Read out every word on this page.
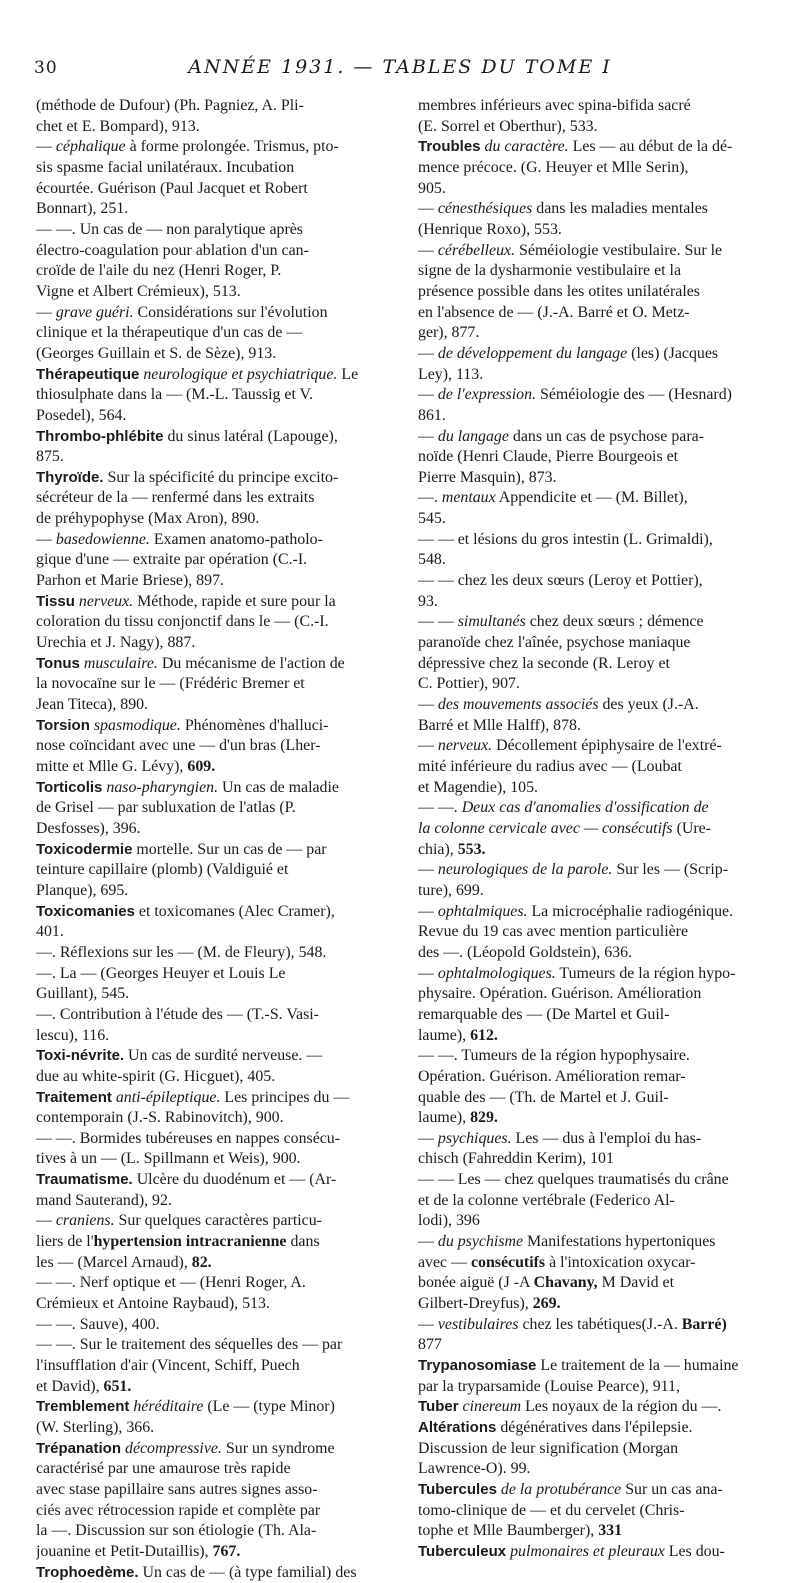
30	ANNÉE 1931. — TABLES DU TOME I
(méthode de Dufour) (Ph. Pagniez, A. Pli-
chet et E. Bompard), 913.
— céphalique à forme prolongée. Trismus, pto-
sis spasme facial unilatéraux. Incubation
écourtée. Guérison (Paul Jacquet et Robert
Bonnart), 251.
— —. Un cas de — non paralytique après
électro-coagulation pour ablation d'un can-
croïde de l'aile du nez (Henri Roger, P.
Vigne et Albert Crémieux), 513.
— grave guéri. Considérations sur l'évolution
clinique et la thérapeutique d'un cas de —
(Georges Guillain et S. de Sèze), 913.
Thérapeutique neurologique et psychiatrique. Le
thiosulphate dans la — (M.-L. Taussig et V.
Posedel), 564.
Thrombo-phlébite du sinus latéral (Lapouge),
875.
Thyroïde. Sur la spécificité du principe excito-
sécréteur de la — renfermé dans les extraits
de préhypophyse (Max Aron), 890.
— basedowienne. Examen anatomo-patholo-
gique d'une — extraite par opération (C.-I.
Parhon et Marie Briese), 897.
Tissu nerveux. Méthode, rapide et sure pour la
coloration du tissu conjonctif dans le — (C.-I.
Urechia et J. Nagy), 887.
Tonus musculaire. Du mécanisme de l'action de
la novocaïne sur le — (Frédéric Bremer et
Jean Titeca), 890.
Torsion spasmodique. Phénomènes d'halluci-
nose coïncidant avec une — d'un bras (Lher-
mitte et Mlle G. Lévy), 609.
Torticolis naso-pharyngien. Un cas de maladie
de Grisel — par subluxation de l'atlas (P.
Desfosses), 396.
Toxicodermie mortelle. Sur un cas de — par
teinture capillaire (plomb) (Valdiguié et
Planque), 695.
Toxicomanies et toxicomanes (Alec Cramer),
401.
—. Réflexions sur les — (M. de Fleury), 548.
—. La — (Georges Heuyer et Louis Le
Guillant), 545.
—. Contribution à l'étude des — (T.-S. Vasi-
lescu), 116.
Toxi-névrite. Un cas de surdité nerveuse. —
due au white-spirit (G. Hicguet), 405.
Traitement anti-épileptique. Les principes du —
contemporain (J.-S. Rabinovitch), 900.
— —. Bormides tubéreuses en nappes consécu-
tives à un — (L. Spillmann et Weis), 900.
Traumatisme. Ulcère du duodénum et — (Ar-
mand Sauterand), 92.
— craniens. Sur quelques caractères particu-
liers de l'hypertension intracranienne dans
les — (Marcel Arnaud), 82.
— —. Nerf optique et — (Henri Roger, A.
Crémieux et Antoine Raybaud), 513.
— —. Sauve), 400.
— —. Sur le traitement des séquelles des — par
l'insufflation d'air (Vincent, Schiff, Puech
et David), 651.
Tremblement héréditaire (Le — (type Minor)
(W. Sterling), 366.
Trépanation décompressive. Sur un syndrome
caractérisé par une amaurose très rapide
avec stase papillaire sans autres signes asso-
ciés avec rétrocession rapide et complète par
la —. Discussion sur son étiologie (Th. Ala-
jouanine et Petit-Dutaillis), 767.
Trophoedème. Un cas de — (à type familial) des
membres inférieurs avec spina-bifida sacré
(E. Sorrel et Oberthur), 533.
Troubles du caractère. Les — au début de la dé-
mence précoce. (G. Heuyer et Mlle Serin),
905.
— cénesthésiques dans les maladies mentales
(Henrique Roxo), 553.
— cérébelleux. Séméiologie vestibulaire. Sur le
signe de la dysharmonie vestibulaire et la
présence possible dans les otites unilatérales
en l'absence de — (J.-A. Barré et O. Metz-
ger), 877.
— de développement du langage (les) (Jacques
Ley), 113.
— de l'expression. Séméiologie des — (Hesnard)
861.
— du langage dans un cas de psychose para-
noïde (Henri Claude, Pierre Bourgeois et
Pierre Masquin), 873.
—. mentaux Appendicite et — (M. Billet),
545.
— — et lésions du gros intestin (L. Grimaldi),
548.
— — chez les deux sœurs (Leroy et Pottier),
93.
— — simultanés chez deux sœurs ; démence
paranoïde chez l'aînée, psychose maniaque
dépressive chez la seconde (R. Leroy et
C. Pottier), 907.
— des mouvements associés des yeux (J.-A.
Barré et Mlle Halff), 878.
— nerveux. Décollement épiphysaire de l'extré-
mité inférieure du radius avec — (Loubat
et Magendie), 105.
— —. Deux cas d'anomalies d'ossification de
la colonne cervicale avec — consécutifs (Ure-
chia), 553.
— neurologiques de la parole. Sur les — (Scrip-
ture), 699.
— ophtalmiques. La microcéphalie radiogénique.
Revue du 19 cas avec mention particulière
des —. (Léopold Goldstein), 636.
— ophtalmologiques. Tumeurs de la région hypo-
physaire. Opération. Guérison. Amélioration
remarquable des — (De Martel et Guil-
laume), 612.
— —. Tumeurs de la région hypophysaire.
Opération. Guérison. Amélioration remar-
quable des — (Th. de Martel et J. Guil-
laume), 829.
— psychiques. Les — dus à l'emploi du has-
chisch (Fahreddin Kerim), 101
— — Les — chez quelques traumatisés du crâne
et de la colonne vertébrale (Federico Al-
lodi), 396
— du psychisme Manifestations hypertoniques
avec — consécutifs à l'intoxication oxycar-
bonée aiguë (J -A Chavany, M David et
Gilbert-Dreyfus), 269.
— vestibulaires chez les tabétiques(J.-A. Barré)
877
Trypanosomiase Le traitement de la — humaine
par la tryparsamide (Louise Pearce), 911,
Tuber cinereum Les noyaux de la région du —.
Altérations dégénératives dans l'épilepsie.
Discussion de leur signification (Morgan
Lawrence-O). 99.
Tubercules de la protubérance Sur un cas ana-
tomo-clinique de — et du cervelet (Chris-
tophe et Mlle Baumberger), 331
Tuberculeux pulmonaires et pleuraux Les dou-
